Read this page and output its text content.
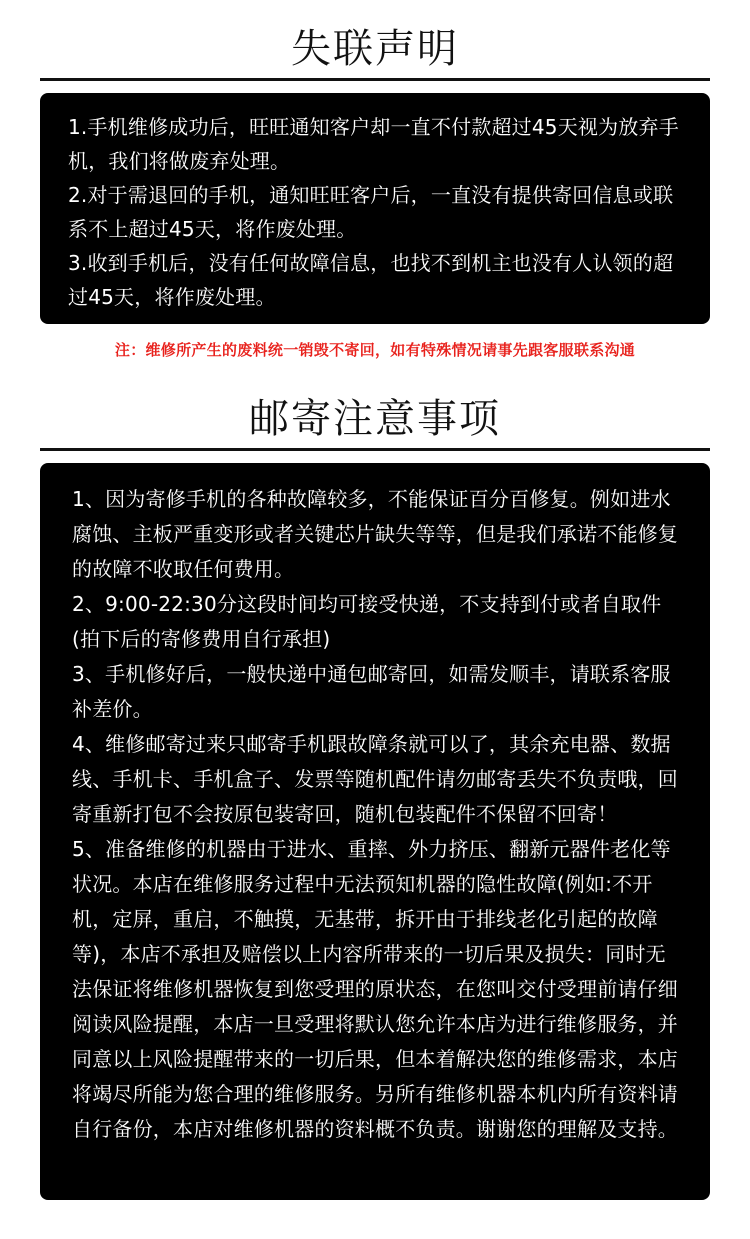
失联声明

1.手机维修成功后，旺旺通知客户却一直不付款超过45天视为放弃手机，我们将做废弃处理。

2.对于需退回的手机，通知旺旺客户后，一直没有提供寄回信息或联系不上超过45天，将作废处理。

3.收到手机后，没有任何故障信息，也找不到机主也没有人认领的超过45天，将作废处理。

注：维修所产生的废料统一销毁不寄回，如有特殊情况请事先跟客服联系沟通
邮寄注意事项

1、因为寄修手机的各种故障较多，不能保证百分百修复。例如进水腐蚀、主板严重变形或者关键芯片缺失等等，但是我们承诺不能修复的故障不收取任何费用。

2、9:00-22:30分这段时间均可接受快递，不支持到付或者自取件(拍下后的寄修费用自行承担)

3、手机修好后，一般快递中通包邮寄回，如需发顺丰，请联系客服补差价。

4、维修邮寄过来只邮寄手机跟故障条就可以了，其余充电器、数据线、手机卡、手机盒子、发票等随机配件请勿邮寄丢失不负责哦，回寄重新打包不会按原包装寄回，随机包装配件不保留不回寄！

5、准备维修的机器由于进水、重摔、外力挤压、翻新元器件老化等状况。本店在维修服务过程中无法预知机器的隐性故障(例如:不开机，定屏，重启，不触摸，无基带，拆开由于排线老化引起的故障等)，本店不承担及赔偿以上内容所带来的一切后果及损失：同时无法保证将维修机器恢复到您受理的原状态，在您叫交付受理前请仔细阅读风险提醒，本店一旦受理将默认您允许本店为进行维修服务，并同意以上风险提醒带来的一切后果，但本着解决您的维修需求，本店将竭尽所能为您合理的维修服务。另所有维修机器本机内所有资料请自行备份，本店对维修机器的资料概不负责。谢谢您的理解及支持。
